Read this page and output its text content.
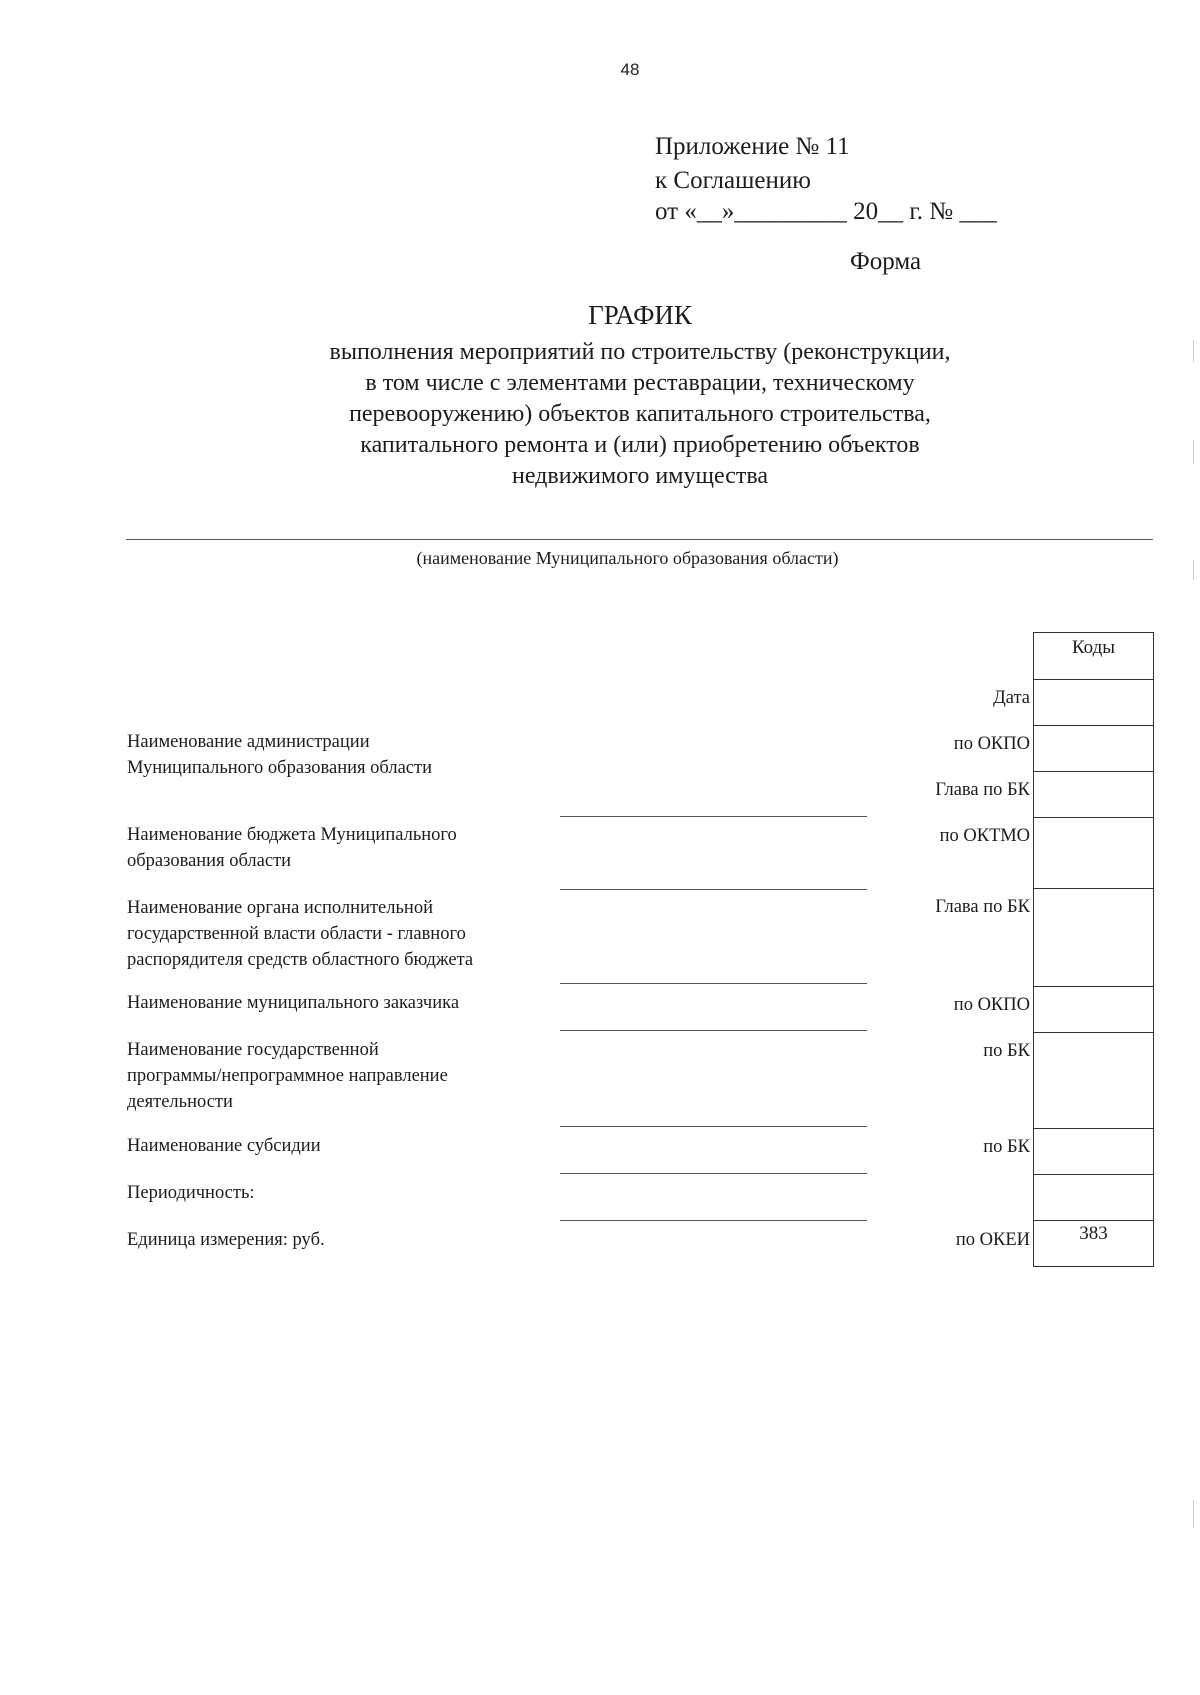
48
Приложение № 11
к Соглашению
от «__»_________ 20__ г. № ___
Форма
ГРАФИК
выполнения мероприятий по строительству (реконструкции,
в том числе с элементами реставрации, техническому
перевооружению) объектов капитального строительства,
капитального ремонта и (или) приобретению объектов
недвижимого имущества
(наименование Муниципального образования области)
Наименование администрации
Муниципального образования области
Наименование бюджета Муниципального
образования области
Наименование органа исполнительной
государственной власти области - главного
распорядителя средств областного бюджета
Наименование муниципального заказчика
Наименование государственной
программы/непрограммное направление
деятельности
Наименование субсидии
Периодичность:
Единица измерения: руб.
Дата
по ОКПО
Глава по БК
по ОКТМО
Глава по БК
по ОКПО
по БК
по БК
по ОКЕИ
Коды
383
